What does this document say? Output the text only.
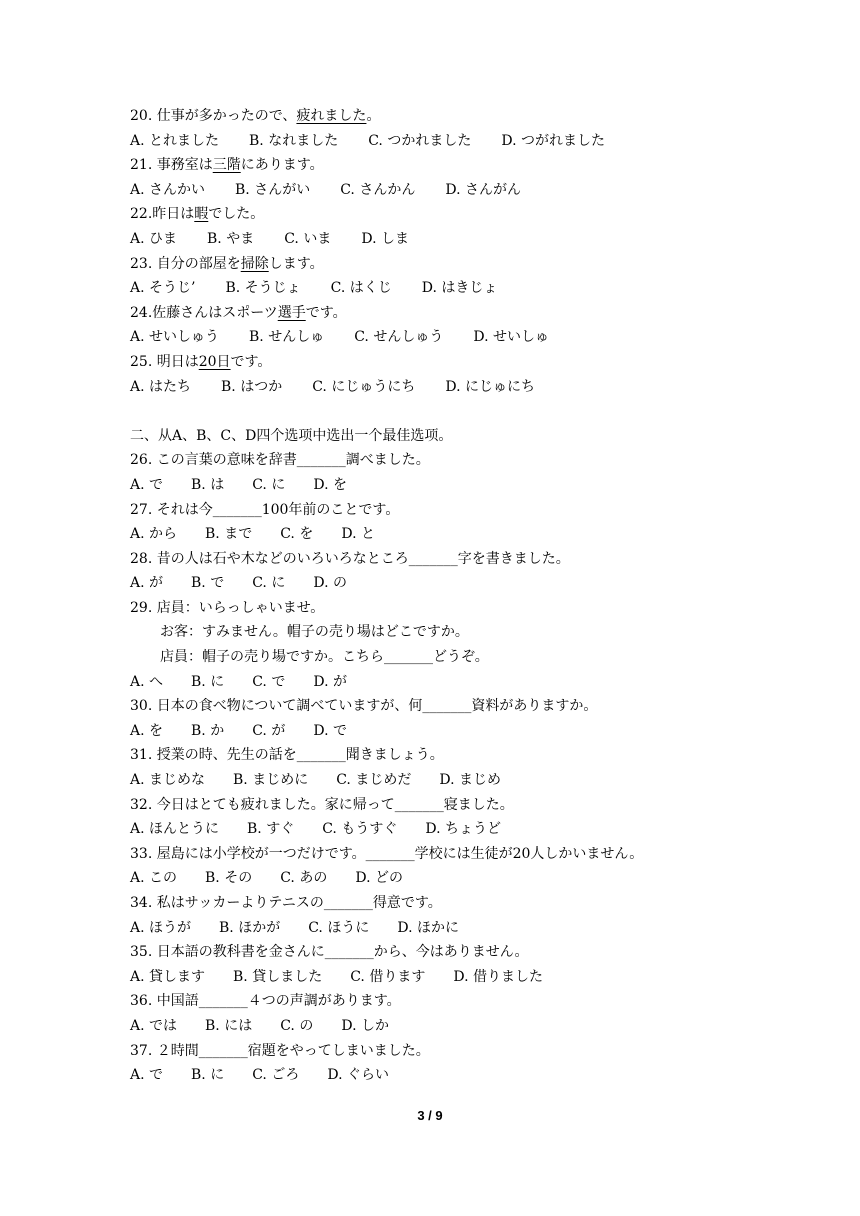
20. 仕事が多かったので、疲れました。
A. とれました B. なれました C. つかれました D. つがれました
21. 事務室は三階にあります。
A. さんかい B. さんがい C. さんかん D. さんがん
22.昨日は暇でした。
A. ひま B. やま C. いま D. しま
23. 自分の部屋を掃除します。
A. そうじ’ B. そうじょ C. はくじ D. はきじょ
24.佐藤さんはスポーツ選手です。
A. せいしゅう B. せんしゅ C. せんしゅう D. せいしゅ
25. 明日は20日です。
A. はたち B. はつか C. にじゅうにち D. にじゅにち
二、从A、B、C、D四个选项中选出一个最佳选项。
26. この言葉の意味を辞書_______調べました。
A. で B. は C. に D. を
27. それは今_______100年前のことです。
A. から B. まで C. を D. と
28. 昔の人は石や木などのいろいろなところ_______字を書きました。
A. が B. で C. に D. の
29. 店員：いらっしゃいませ。
お客：すみません。帽子の売り場はどこですか。
店員：帽子の売り場ですか。こちら_______どうぞ。
A. へ B. に C. で D. が
30. 日本の食べ物について調べていますが、何_______資料がありますか。
A. を B. か C. が D. で
31. 授業の時、先生の話を_______聞きましょう。
A. まじめな B. まじめに C. まじめだ D. まじめ
32. 今日はとても疲れました。家に帰って_______寝ました。
A. ほんとうに B. すぐ C. もうすぐ D. ちょうど
33. 屋島には小学校が一つだけです。_______学校には生徒が20人しかいません。
A. この B. その C. あの D. どの
34. 私はサッカーよりテニスの_______得意です。
A. ほうが B. ほかが C. ほうに D. ほかに
35. 日本語の教科書を金さんに_______から、今はありません。
A. 貸します B. 貸しました C. 借ります D. 借りました
36. 中国語_______４つの声調があります。
A. では B. には C. の D. しか
37. ２時間_______宿題をやってしまいました。
A. で B. に C. ごろ D. ぐらい
3 / 9
